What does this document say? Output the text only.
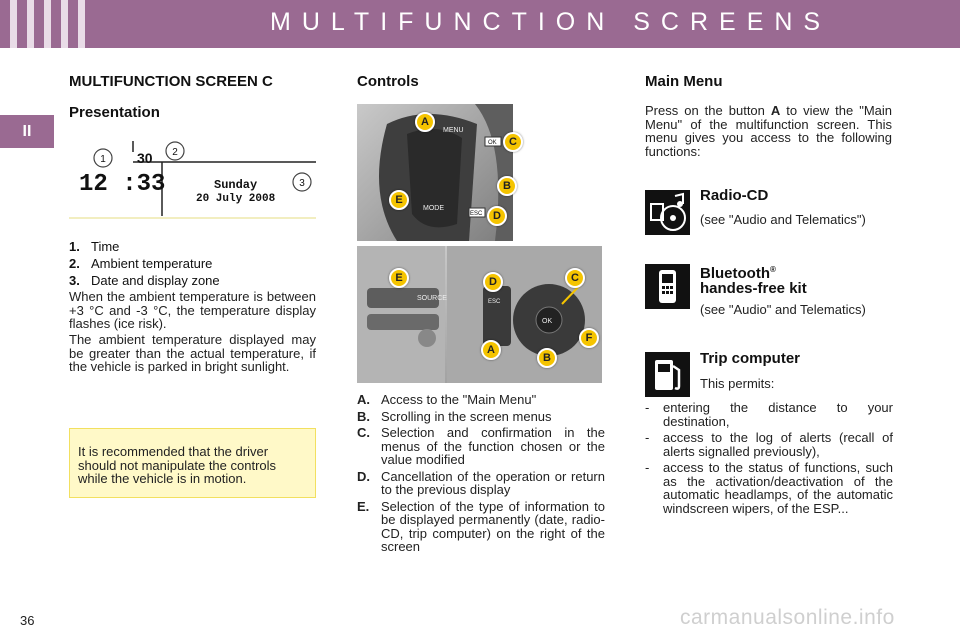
MULTIFUNCTION SCREENS
II
MULTIFUNCTION SCREEN C
Presentation
12 :33
30
Sunday
20 July 2008
1
2
3
1. Time
2. Ambient temperature
3. Date and display zone
When the ambient temperature is between +3 °C and -3 °C, the temperature display flashes (ice risk).
The ambient temperature displayed may be greater than the actual temperature, if the vehicle is parked in bright sunlight.
It is recommended that the driver should not manipulate the controls while the vehicle is in motion.
Controls
MENU
MODE
OK
ESC
A
C
B
E
D
SOURCE
OK
ESC
E	D	C
F
A
B
A. Access to the "Main Menu"
B. Scrolling in the screen menus
C. Selection and confirmation in the menus of the function chosen or the value modified
D. Cancellation of the operation or return to the previous display
E. Selection of the type of information to be displayed permanently (date, radio-CD, trip computer) on the right of the screen
Main Menu
Press on the button A to view the "Main Menu" of the multifunction screen. This menu gives you access to the following functions:
Radio-CD
(see "Audio and Telematics")
Bluetooth®
handes-free kit
(see "Audio" and Telematics)
Trip computer
This permits:
-	entering the distance to your destination,
-	access to the log of alerts (recall of alerts signalled previously),
-	access to the status of functions, such as the activation/deactivation of the automatic headlamps, of the automatic windscreen wipers, of the ESP...
36	carmanualsonline.info
